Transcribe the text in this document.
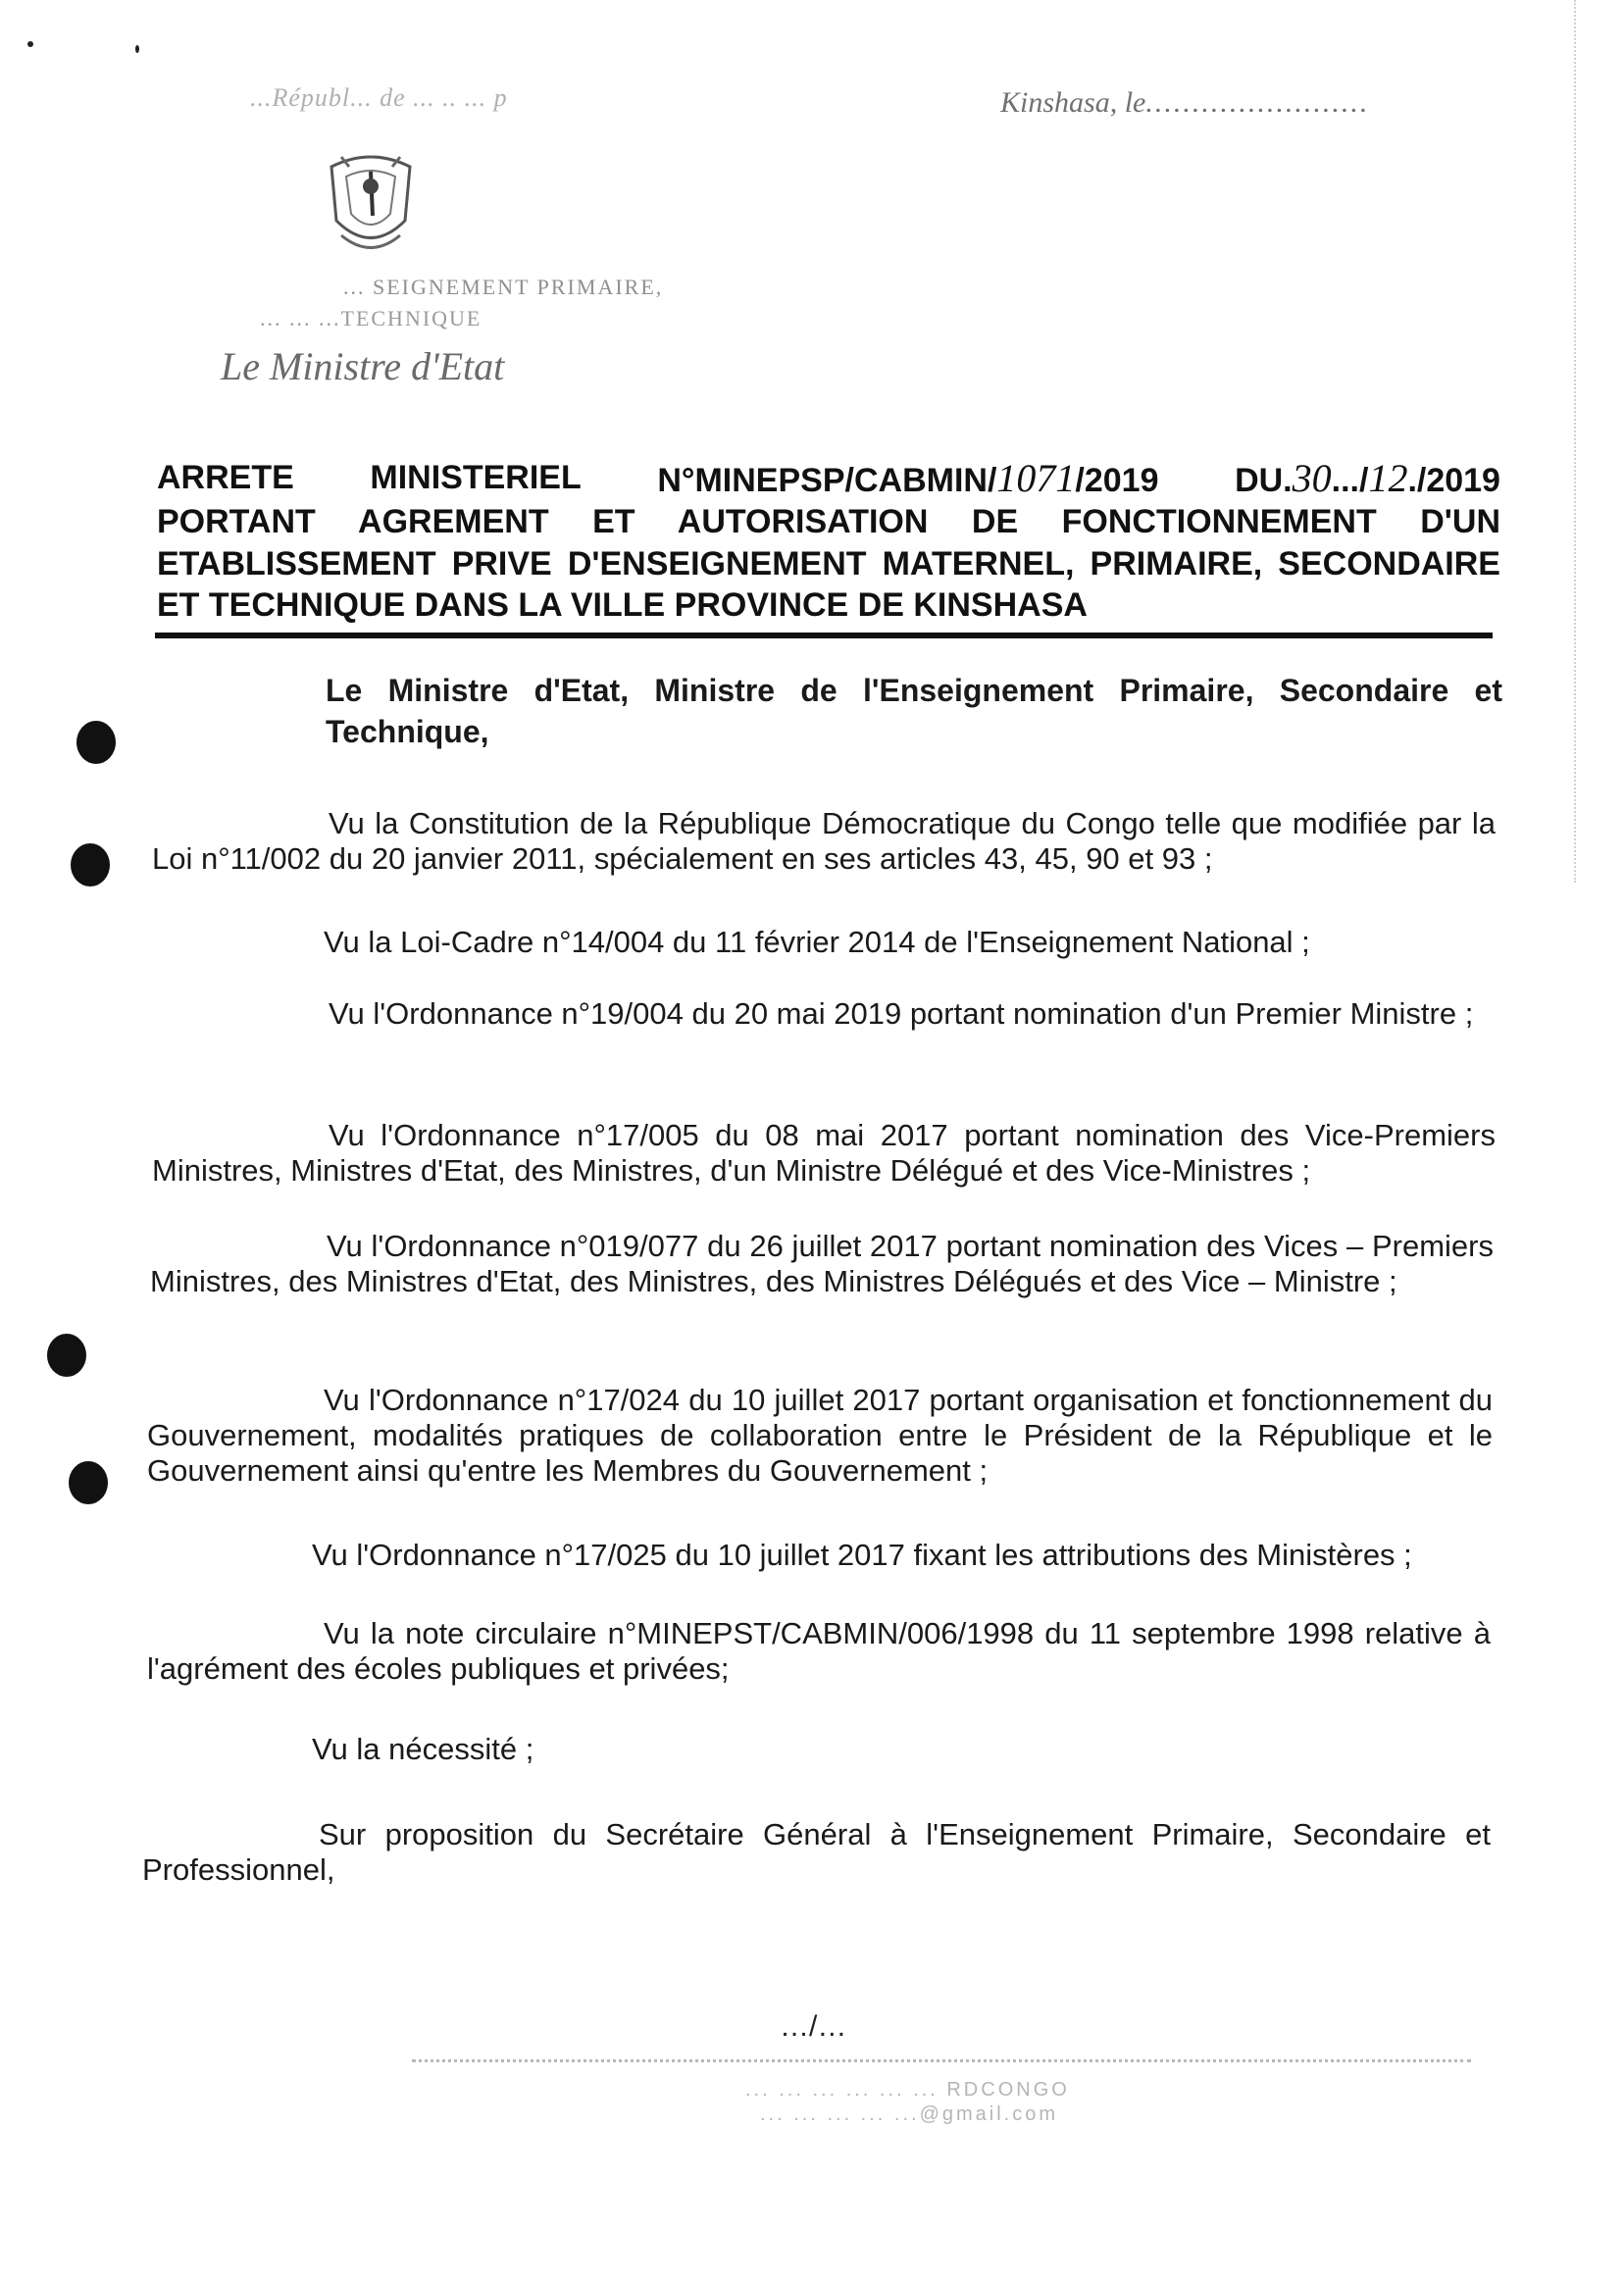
...Républ... de ... .. ... p	Kinshasa, le........................
... SEIGNEMENT PRIMAIRE,
... ... ...TECHNIQUE
Le Ministre d'Etat
ARRETE MINISTERIEL N°MINEPSP/CABMIN/1071/2019 DU.30.../12./2019
PORTANT AGREMENT ET AUTORISATION DE FONCTIONNEMENT D'UN
ETABLISSEMENT PRIVE D'ENSEIGNEMENT MATERNEL, PRIMAIRE, SECONDAIRE
ET TECHNIQUE DANS LA VILLE PROVINCE DE KINSHASA
Le Ministre d'Etat, Ministre de l'Enseignement Primaire, Secondaire et Technique,
Vu la Constitution de la République Démocratique du Congo telle que modifiée par la Loi n°11/002 du 20 janvier 2011, spécialement en ses articles 43, 45, 90 et 93 ;
Vu la Loi-Cadre n°14/004 du 11 février 2014 de l'Enseignement National ;
Vu l'Ordonnance n°19/004 du 20 mai 2019 portant nomination d'un Premier Ministre ;
Vu l'Ordonnance n°17/005 du 08 mai 2017 portant nomination des Vice-Premiers Ministres, Ministres d'Etat, des Ministres, d'un Ministre Délégué et des Vice-Ministres ;
Vu l'Ordonnance n°019/077 du 26 juillet 2017 portant nomination des Vices – Premiers Ministres, des Ministres d'Etat, des Ministres, des Ministres Délégués et des Vice – Ministre ;
Vu l'Ordonnance n°17/024 du 10 juillet 2017 portant organisation et fonctionnement du Gouvernement, modalités pratiques de collaboration entre le Président de la République et le Gouvernement ainsi qu'entre les Membres du Gouvernement ;
Vu l'Ordonnance n°17/025 du 10 juillet 2017 fixant les attributions des Ministères ;
Vu la note circulaire n°MINEPST/CABMIN/006/1998 du 11 septembre 1998 relative à l'agrément des écoles publiques et privées;
Vu la nécessité ;
Sur proposition du Secrétaire Général à l'Enseignement Primaire, Secondaire et Professionnel,
…/…
... ... ... ... ... ... RDCONGO
... ... ... ... ...@gmail.com
